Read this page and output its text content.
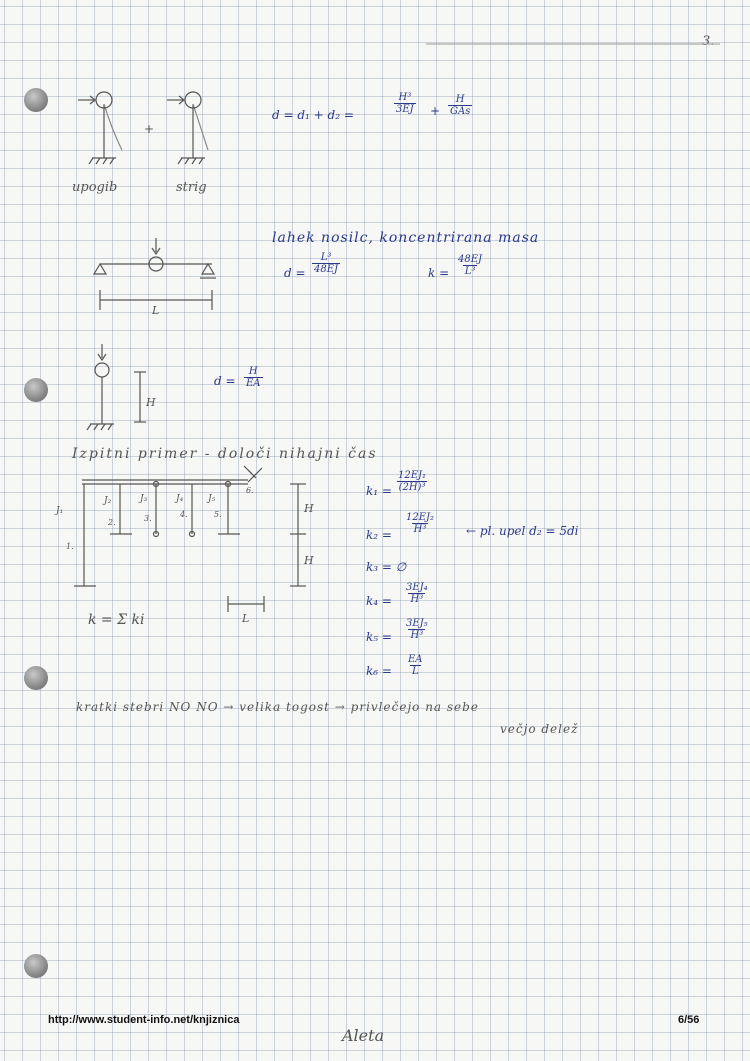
3.
upogib
+
strig
d = d₁ + d₂ =	$\frac{\text{H³}}{3EJ}$ +
H
GAs
lahek nosilc, koncentrirana masa
$d = \frac{\text{L³}}{48EJ}$	$k = \frac{48EJ}{\text{L³}}$
L
$d = \frac{H}{EA}$
H
Izpitni primer - določi nihajni čas
J₁
J₂	J₃	J₄	J₅
1.
2.	3.	4.	5.
6.
H
H
L
k = Σ ki
$k_1 = \frac{\text{12EJ₁}}{\text{(2H)³}}$
$k_2 = \frac{\text{12EJ₂}}{\text{H³}}$ ← pl. upel d₂ = 5di
k₃ = ∅
$k_4 = \frac{\text{3EJ₄}}{\text{H³}}$
$k_5 = \frac{\text{3EJ₅}}{\text{H³}}$
$k_6 = \frac{EA}{L}$
kratki stebri NO NO → velika togost → privlečejo na sebe
večjo delež
http://www.student-info.net/knjiznica
Aleta
6/56
